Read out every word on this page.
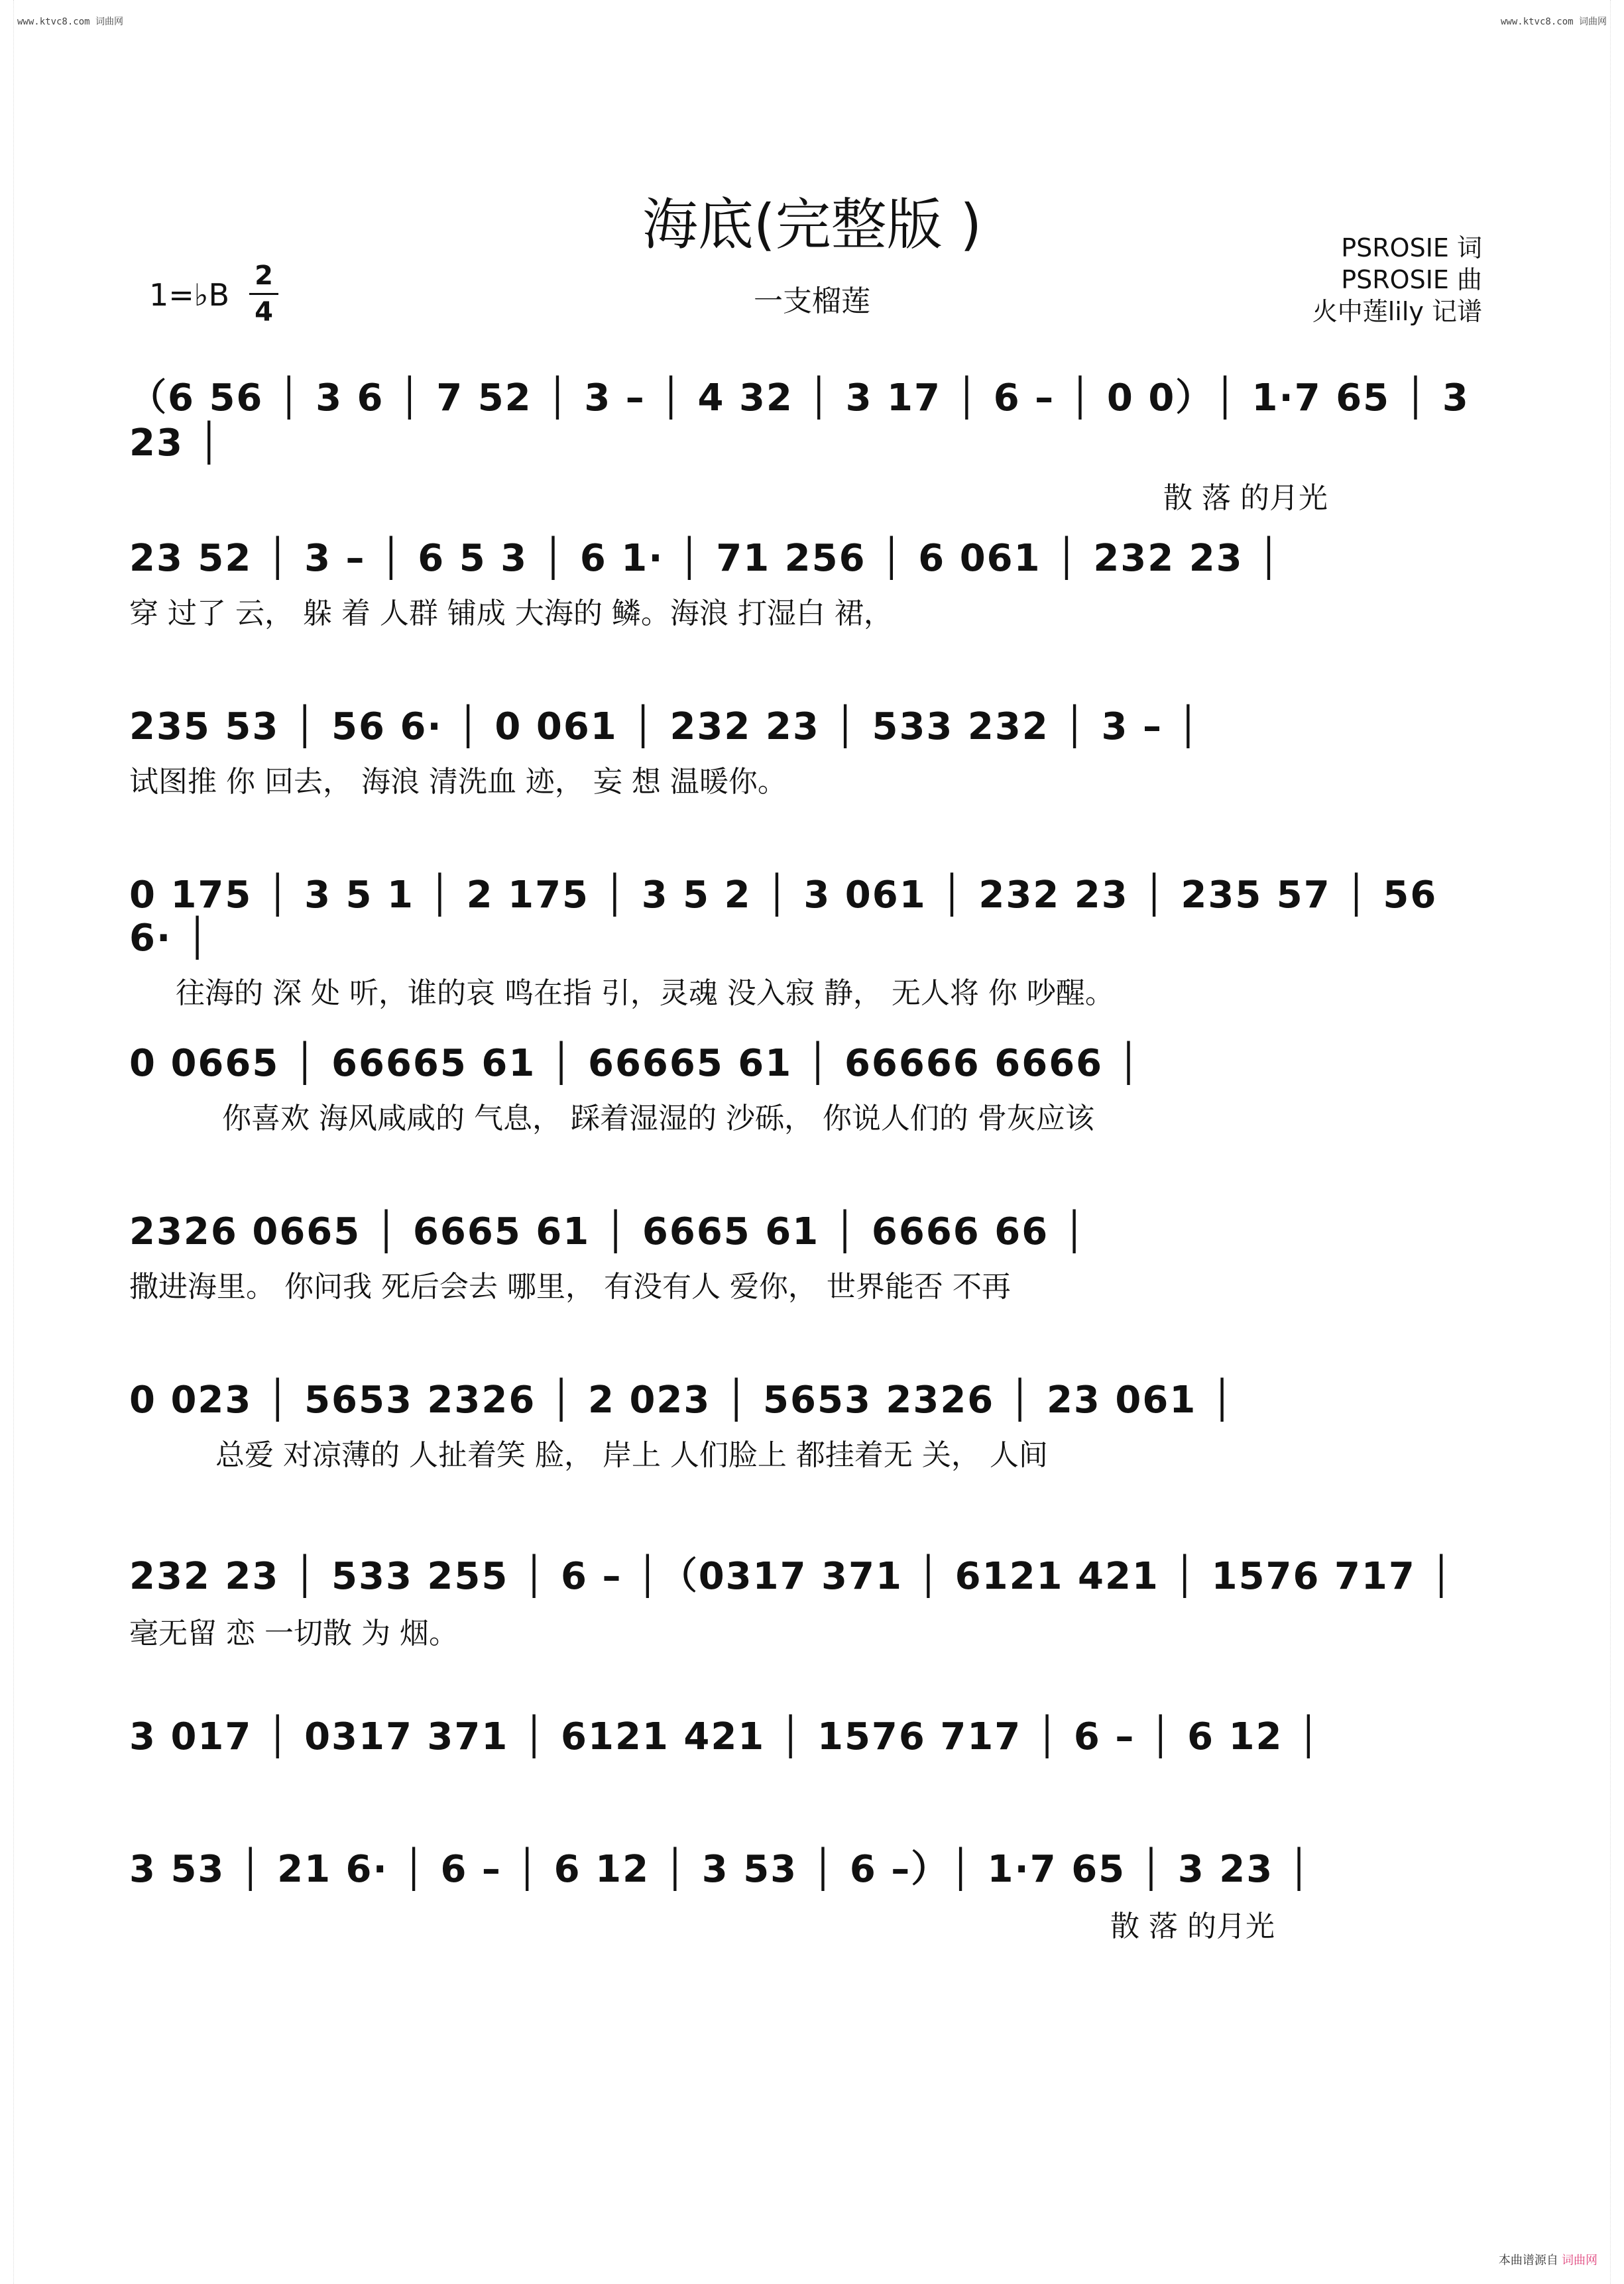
www.ktvc8.com 词曲网	www.ktvc8.com 词曲网
海底(完整版 )	PSROSIE 词
PSROSIE 曲
火中莲lily 记谱
1=♭B
2
4	一支榴莲
（6 56 │ 3 6 │ 7 52 │ 3 – │ 4 32 │ 3 17 │ 6 – │ 0 0）│ 1·7 65 │ 3 23 │
散 落 的月光
23 52 │ 3 – │ 6 5 3 │ 6 1· │ 71 256 │ 6 061 │ 232 23 │
穿 过了 云， 躲 着 人群 铺成 大海的 鳞。海浪 打湿白 裙，
235 53 │ 56 6· │ 0 061 │ 232 23 │ 533 232 │ 3 – │
试图推 你 回去， 海浪 清洗血 迹， 妄 想 温暖你。
0 175 │ 3 5 1 │ 2 175 │ 3 5 2 │ 3 061 │ 232 23 │ 235 57 │ 56 6· │
往海的 深 处 听，谁的哀 鸣在指 引，灵魂 没入寂 静， 无人将 你 吵醒。
0 0665 │ 66665 61 │ 66665 61 │ 66666 6666 │
你喜欢 海风咸咸的 气息， 踩着湿湿的 沙砾， 你说人们的 骨灰应该
2326 0665 │ 6665 61 │ 6665 61 │ 6666 66 │
撒进海里。 你问我 死后会去 哪里， 有没有人 爱你， 世界能否 不再
0 023 │ 5653 2326 │ 2 023 │ 5653 2326 │ 23 061 │
总爱 对凉薄的 人扯着笑 脸， 岸上 人们脸上 都挂着无 关， 人间
232 23 │ 533 255 │ 6 – │（0317 371 │ 6121 421 │ 1576 717 │
毫无留 恋 一切散 为 烟。
3 017 │ 0317 371 │ 6121 421 │ 1576 717 │ 6 – │ 6 12 │
3 53 │ 21 6· │ 6 – │ 6 12 │ 3 53 │ 6 –）│ 1·7 65 │ 3 23 │
散 落 的月光
本曲谱源自 词曲网
